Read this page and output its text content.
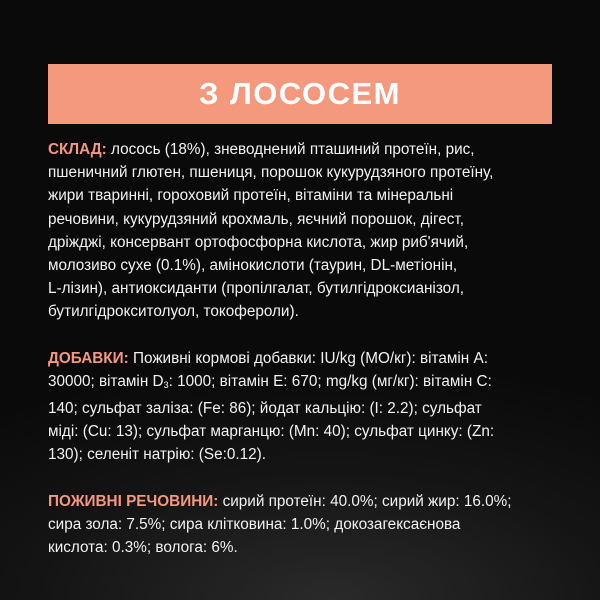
З ЛОСОСЕМ

СКЛАД: лосось (18%), зневоднений пташиний протеїн, рис,
пшеничний глютен, пшениця, порошок кукурудзяного протеїну,
жири тваринні, гороховий протеїн, вітаміни та мінеральні
речовини, кукурудзяний крохмаль, яєчний порошок, дігест,
дріжджі, консервант ортофосфорна кислота, жир риб'ячий,
молозиво сухе (0.1%), амінокислоти (таурин, DL-метіонін,
L-лізин), антиоксиданти (пропілгалат, бутилгідроксианізол,
бутилгідрокситолуол, токофероли).

ДОБАВКИ: Поживні кормові добавки: IU/kg (МО/кг): вітамін А:
30000; вітамін $D_3$: 1000; вітамін E: 670; mg/kg (мг/кг): вітамін С:
140; сульфат заліза: (Fe: 86); йодат кальцію: (I: 2.2); сульфат
міді: (Cu: 13); сульфат марганцю: (Mn: 40); сульфат цинку: (Zn:
130); селеніт натрію: (Se:0.12).

ПОЖИВНІ РЕЧОВИНИ: сирий протеїн: 40.0%; сирий жир: 16.0%;
сира зола: 7.5%; сира клітковина: 1.0%; докозагексаєнова
кислота: 0.3%; волога: 6%.
